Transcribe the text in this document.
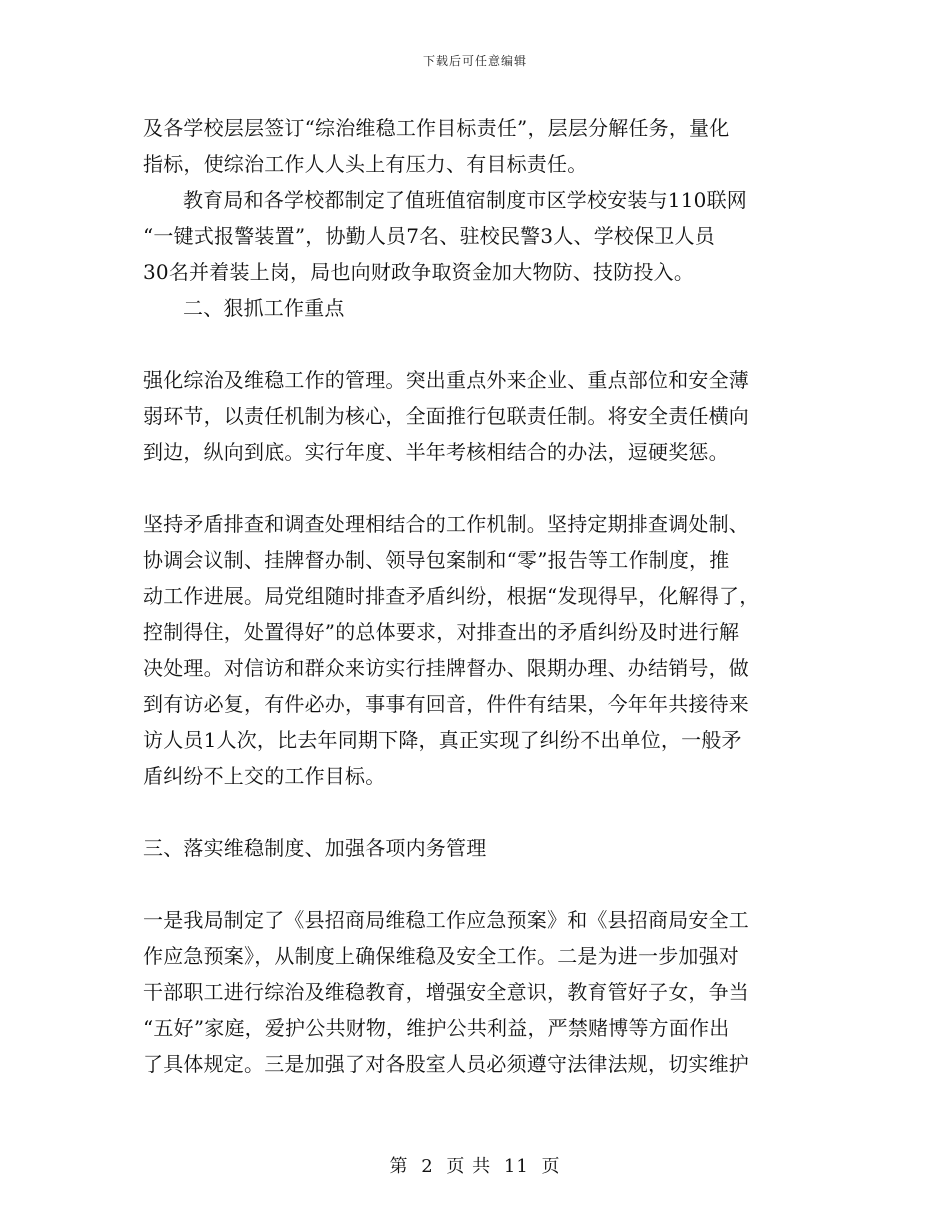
下载后可任意编辑
及各学校层层签订“综治维稳工作目标责任”，层层分解任务，量化
指标，使综治工作人人头上有压力、有目标责任。
教育局和各学校都制定了值班值宿制度市区学校安装与110联网
“一键式报警装置”，协勤人员7名、驻校民警3人、学校保卫人员
30名并着装上岗，局也向财政争取资金加大物防、技防投入。
二、狠抓工作重点
强化综治及维稳工作的管理。突出重点外来企业、重点部位和安全薄
弱环节，以责任机制为核心，全面推行包联责任制。将安全责任横向
到边，纵向到底。实行年度、半年考核相结合的办法，逗硬奖惩。
坚持矛盾排查和调查处理相结合的工作机制。坚持定期排查调处制、
协调会议制、挂牌督办制、领导包案制和“零”报告等工作制度，推
动工作进展。局党组随时排查矛盾纠纷，根据“发现得早，化解得了，
控制得住，处置得好”的总体要求，对排查出的矛盾纠纷及时进行解
决处理。对信访和群众来访实行挂牌督办、限期办理、办结销号，做
到有访必复，有件必办，事事有回音，件件有结果，今年年共接待来
访人员1人次，比去年同期下降，真正实现了纠纷不出单位，一般矛
盾纠纷不上交的工作目标。
三、落实维稳制度、加强各项内务管理
一是我局制定了《县招商局维稳工作应急预案》和《县招商局安全工
作应急预案》，从制度上确保维稳及安全工作。二是为进一步加强对
干部职工进行综治及维稳教育，增强安全意识，教育管好子女，争当
“五好”家庭，爱护公共财物，维护公共利益，严禁赌博等方面作出
了具体规定。三是加强了对各股室人员必须遵守法律法规，切实维护
第 2 页 共 11 页
